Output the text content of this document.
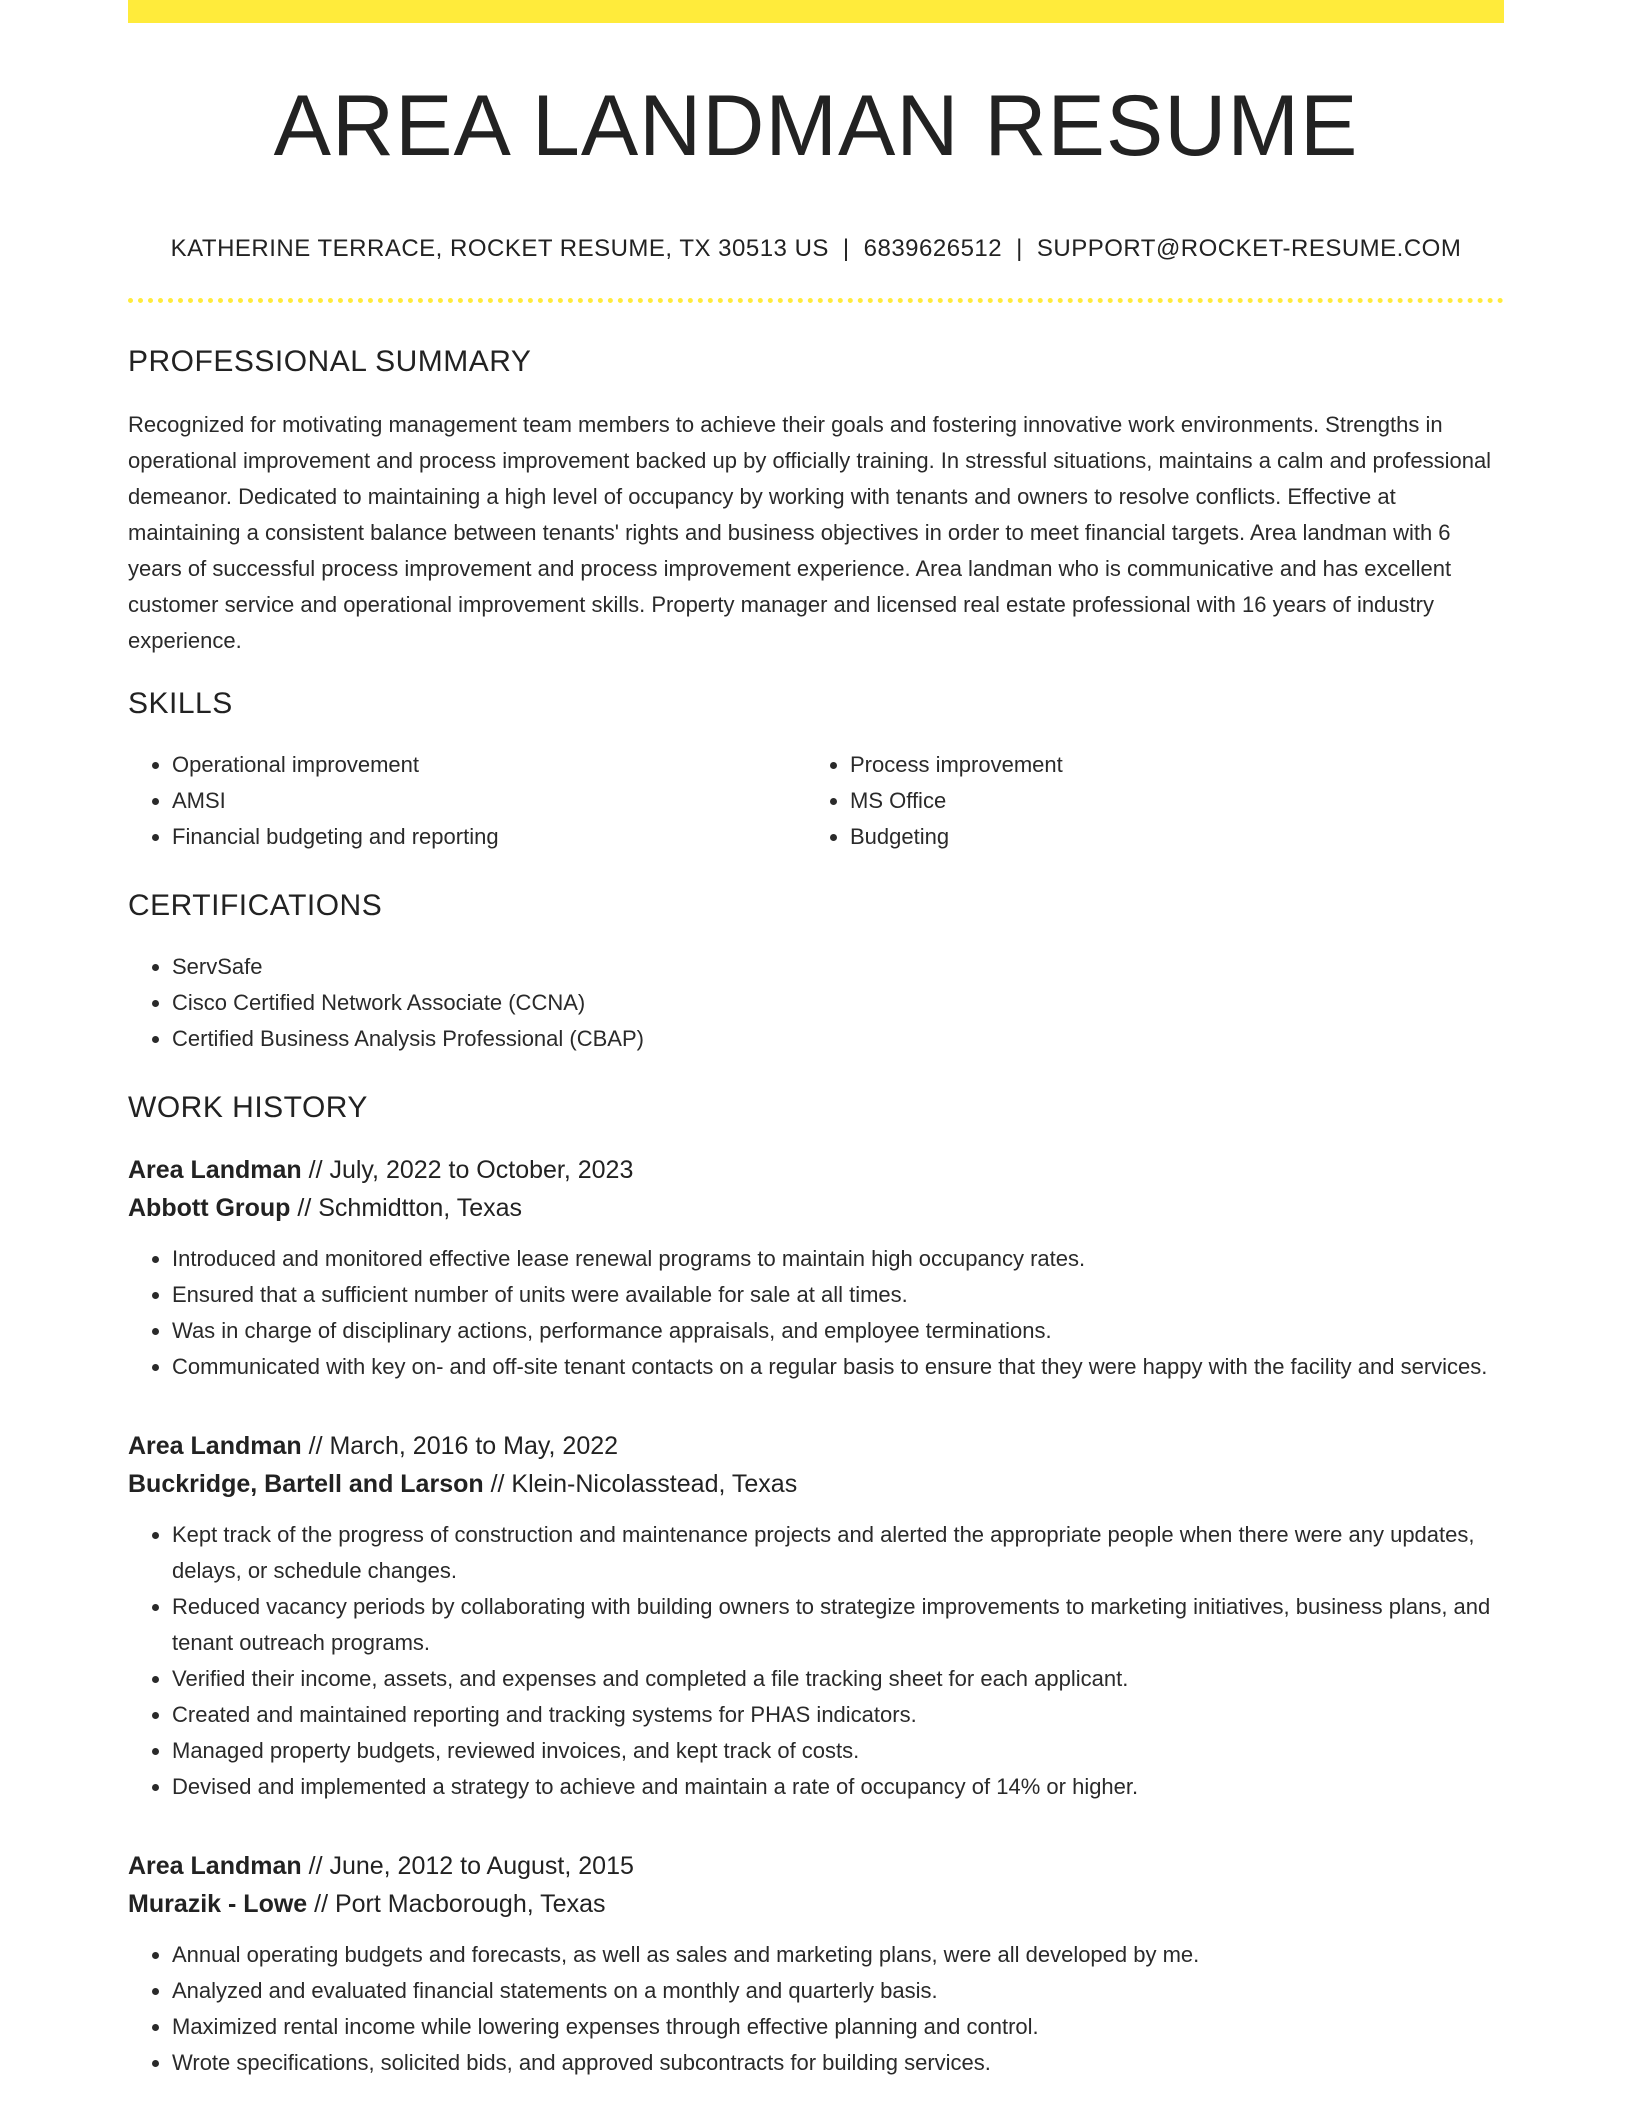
AREA LANDMAN RESUME
KATHERINE TERRACE, ROCKET RESUME, TX 30513 US | 6839626512 | SUPPORT@ROCKET-RESUME.COM
PROFESSIONAL SUMMARY
Recognized for motivating management team members to achieve their goals and fostering innovative work environments. Strengths in operational improvement and process improvement backed up by officially training. In stressful situations, maintains a calm and professional demeanor. Dedicated to maintaining a high level of occupancy by working with tenants and owners to resolve conflicts. Effective at maintaining a consistent balance between tenants' rights and business objectives in order to meet financial targets. Area landman with 6 years of successful process improvement and process improvement experience. Area landman who is communicative and has excellent customer service and operational improvement skills. Property manager and licensed real estate professional with 16 years of industry experience.
SKILLS
• Operational improvement
• AMSI
• Financial budgeting and reporting
• Process improvement
• MS Office
• Budgeting
CERTIFICATIONS
• ServSafe
• Cisco Certified Network Associate (CCNA)
• Certified Business Analysis Professional (CBAP)
WORK HISTORY
Area Landman // July, 2022 to October, 2023
Abbott Group // Schmidtton, Texas
• Introduced and monitored effective lease renewal programs to maintain high occupancy rates.
• Ensured that a sufficient number of units were available for sale at all times.
• Was in charge of disciplinary actions, performance appraisals, and employee terminations.
• Communicated with key on- and off-site tenant contacts on a regular basis to ensure that they were happy with the facility and services.
Area Landman // March, 2016 to May, 2022
Buckridge, Bartell and Larson // Klein-Nicolasstead, Texas
• Kept track of the progress of construction and maintenance projects and alerted the appropriate people when there were any updates, delays, or schedule changes.
• Reduced vacancy periods by collaborating with building owners to strategize improvements to marketing initiatives, business plans, and tenant outreach programs.
• Verified their income, assets, and expenses and completed a file tracking sheet for each applicant.
• Created and maintained reporting and tracking systems for PHAS indicators.
• Managed property budgets, reviewed invoices, and kept track of costs.
• Devised and implemented a strategy to achieve and maintain a rate of occupancy of 14% or higher.
Area Landman // June, 2012 to August, 2015
Murazik - Lowe // Port Macborough, Texas
• Annual operating budgets and forecasts, as well as sales and marketing plans, were all developed by me.
• Analyzed and evaluated financial statements on a monthly and quarterly basis.
• Maximized rental income while lowering expenses through effective planning and control.
• Wrote specifications, solicited bids, and approved subcontracts for building services.
